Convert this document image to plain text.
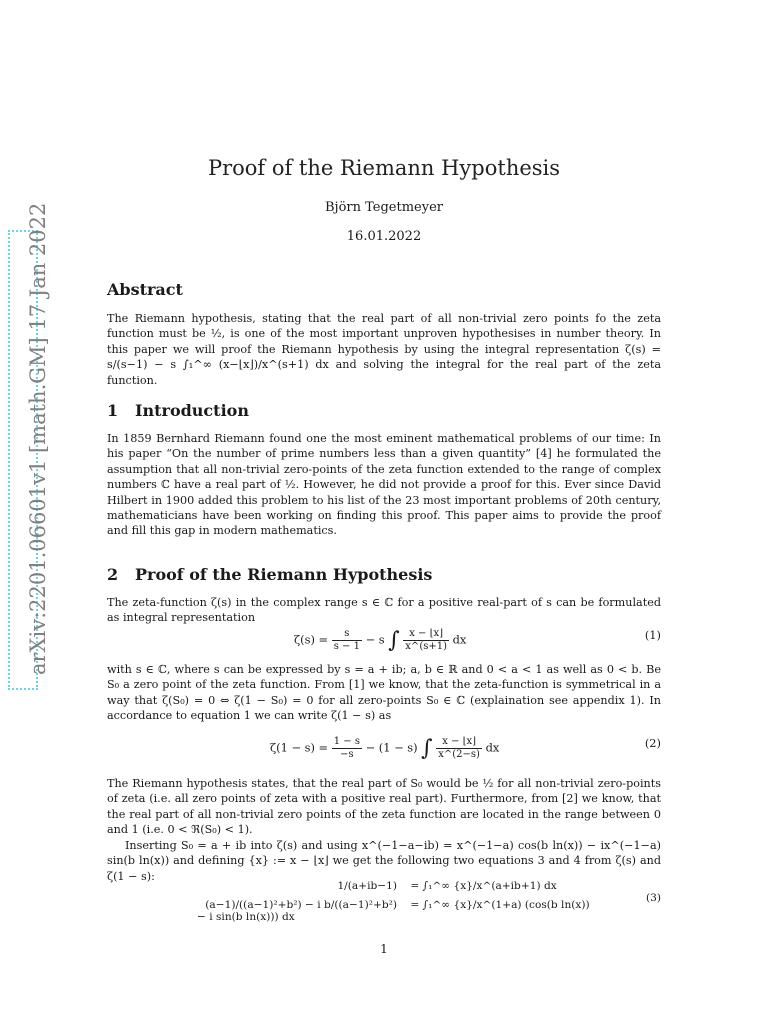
arXiv:2201.06601v1 [math.GM] 17 Jan 2022
Proof of the Riemann Hypothesis
Björn Tegetmeyer
16.01.2022
Abstract
The Riemann hypothesis, stating that the real part of all non-trivial zero points fo the zeta function must be ½, is one of the most important unproven hypothesises in number theory. In this paper we will proof the Riemann hypothesis by using the integral representation ζ(s) = s/(s−1) − s ∫₁^∞ (x−⌊x⌋)/x^(s+1) dx and solving the integral for the real part of the zeta function.
1 Introduction
In 1859 Bernhard Riemann found one the most eminent mathematical problems of our time: In his paper “On the number of prime numbers less than a given quantity” [4] he formulated the assumption that all non-trivial zero-points of the zeta function extended to the range of complex numbers ℂ have a real part of ½. However, he did not provide a proof for this. Ever since David Hilbert in 1900 added this problem to his list of the 23 most important problems of 20th century, mathematicians have been working on finding this proof. This paper aims to provide the proof and fill this gap in modern mathematics.
2 Proof of the Riemann Hypothesis
The zeta-function ζ(s) in the complex range s ∈ ℂ for a positive real-part of s can be formulated as integral representation
$\zeta(s) = \frac{s}{s - 1} - s$ ∫ $\frac{x - ⌊x⌋}{x\^{}(s+1)}$ dx	(1)
with s ∈ ℂ, where s can be expressed by s = a + ib; a, b ∈ ℝ and 0 < a < 1 as well as 0 < b. Be S₀ a zero point of the zeta function. From [1] we know, that the zeta-function is symmetrical in a way that ζ(S₀) = 0 ⇔ ζ(1 − S₀) = 0 for all zero-points S₀ ∈ ℂ (explaination see appendix 1). In accordance to equation 1 we can write ζ(1 − s) as
$\zeta(1 - s) = \frac{1 - s}{-s} - (1 - s)$ ∫ $\frac{x - ⌊x⌋}{x\^{}(2-s)}$ dx	(2)
The Riemann hypothesis states, that the real part of S₀ would be ½ for all non-trivial zero-points of zeta (i.e. all zero points of zeta with a positive real part). Furthermore, from [2] we know, that the real part of all non-trivial zero points of the zeta function are located in the range between 0 and 1 (i.e. 0 < ℜ(S₀) < 1).
Inserting S₀ = a + ib into ζ(s) and using x^(−1−a−ib) = x^(−1−a) cos(b ln(x)) − ix^(−1−a) sin(b ln(x)) and defining {x} := x − ⌊x⌋ we get the following two equations 3 and 4 from ζ(s) and ζ(1 − s):
1/(a+ib−1) = ∫₁^∞ {x}/x^(a+ib+1) dx
(a−1)/((a−1)²+b²) − i b/((a−1)²+b²) = ∫₁^∞ {x}/x^(1+a) (cos(b ln(x)) − i sin(b ln(x))) dx
(3)
1
